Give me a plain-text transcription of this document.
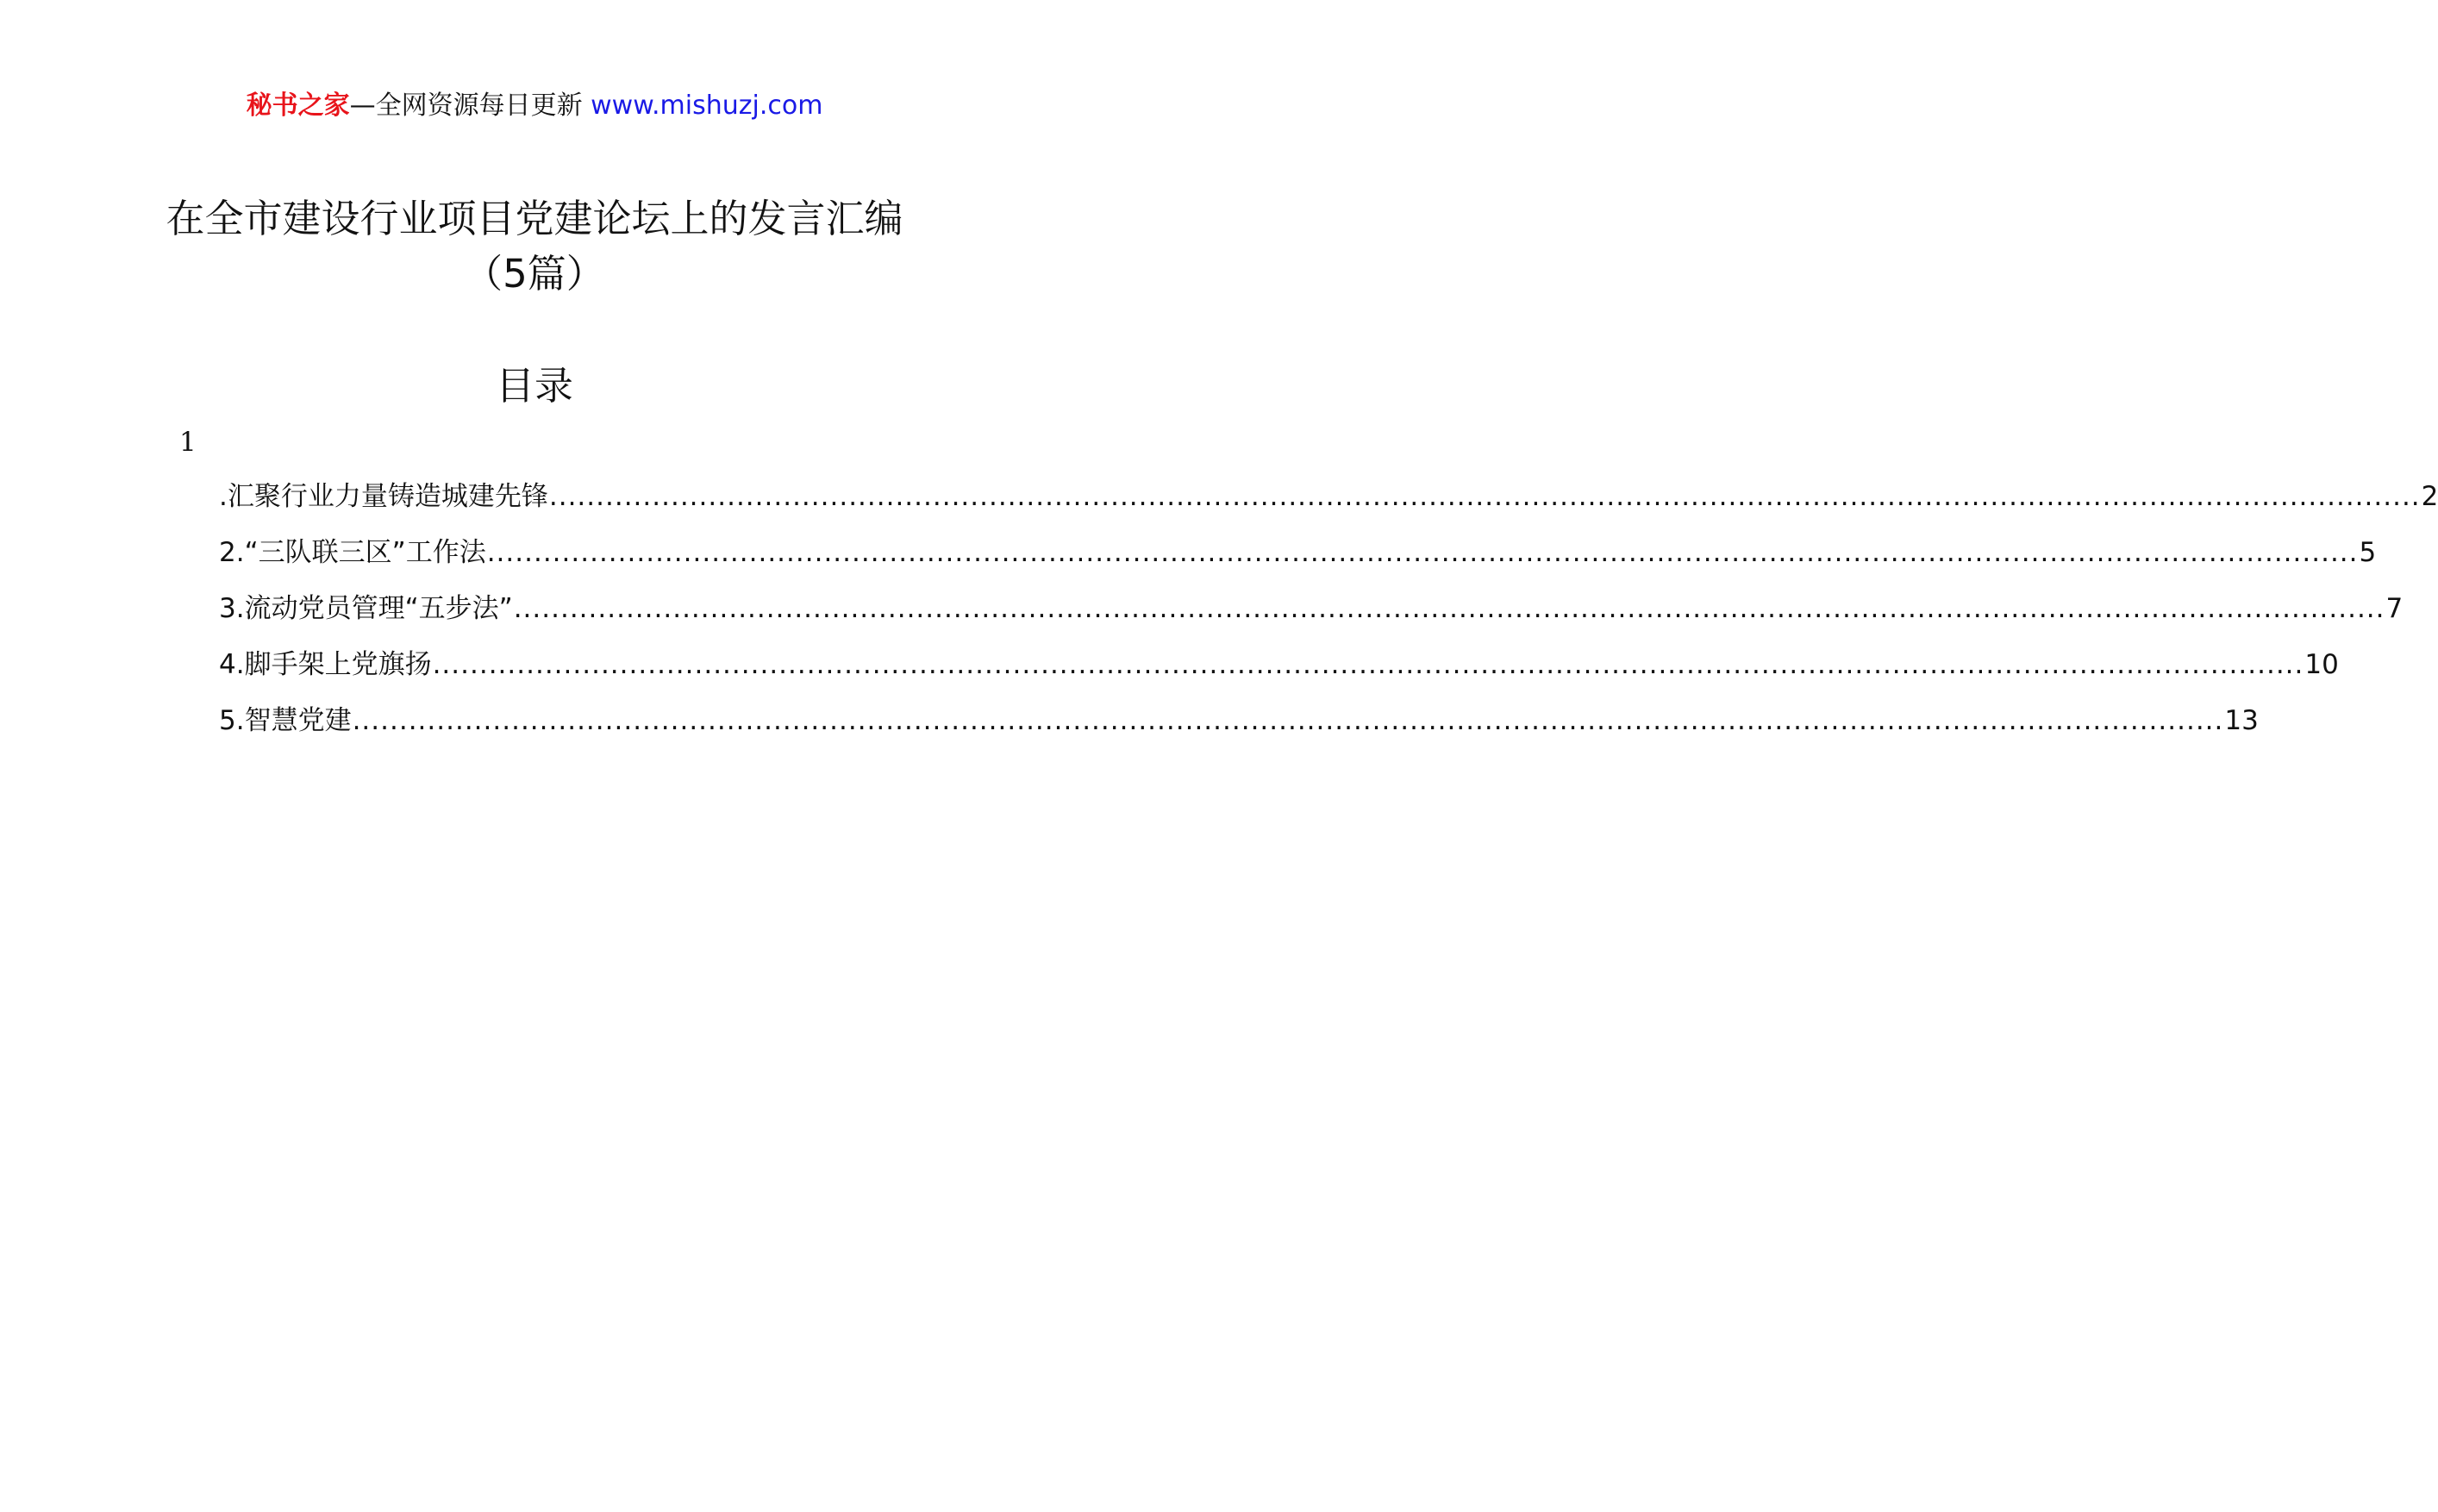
秘书之家—全网资源每日更新 www.mishuzj.com
在全市建设行业项目党建论坛上的发言汇编（5篇）
目录
1
.汇聚行业力量铸造城建先锋 ........................................................................................................................................................................................................ 2
2.“三队联三区”工作法 ........................................................................................................................................................................................................ 5
3.流动党员管理“五步法” ........................................................................................................................................................................................................ 7
4.脚手架上党旗扬 ........................................................................................................................................................................................................ 10
5.智慧党建 ........................................................................................................................................................................................................ 13
